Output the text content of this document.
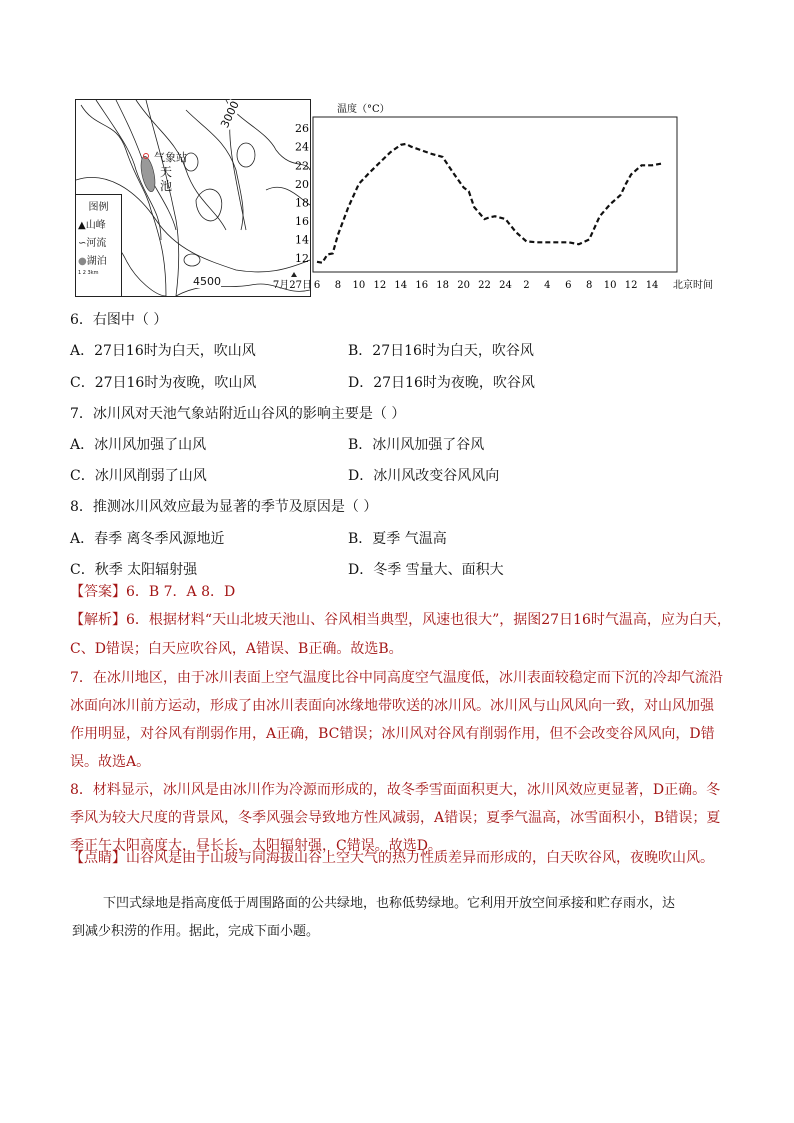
3000
4500
气象站
天
池
图例
▲山峰
∽河流
●湖泊
1 2 3km
温度（°C）
12
14
16
18
20
22
24
26
7月27日 6 8 10 12 14 16 18 20 22 24 2 4 6 8 10 12 14 北京时间
6．右图中（ ）
A．27日16时为白天，吹山风	B．27日16时为白天，吹谷风
C．27日16时为夜晚，吹山风	D．27日16时为夜晚，吹谷风
7．冰川风对天池气象站附近山谷风的影响主要是（ ）
A．冰川风加强了山风	B．冰川风加强了谷风
C．冰川风削弱了山风	D．冰川风改变谷风风向
8．推测冰川风效应最为显著的季节及原因是（ ）
A．春季 离冬季风源地近	B．夏季 气温高
C．秋季 太阳辐射强	D．冬季 雪量大、面积大
【答案】6．B 7．A 8．D
【解析】6．根据材料“天山北坡天池山、谷风相当典型，风速也很大”，据图27日16时气温高，应为白天，
C、D错误；白天应吹谷风，A错误、B正确。故选B。
7．在冰川地区，由于冰川表面上空气温度比谷中同高度空气温度低，冰川表面较稳定而下沉的冷却气流沿
冰面向冰川前方运动，形成了由冰川表面向冰缘地带吹送的冰川风。冰川风与山风风向一致，对山风加强
作用明显，对谷风有削弱作用，A正确，BC错误；冰川风对谷风有削弱作用，但不会改变谷风风向，D错
误。故选A。
8．材料显示，冰川风是由冰川作为冷源而形成的，故冬季雪面面积更大，冰川风效应更显著，D正确。冬
季风为较大尺度的背景风，冬季风强会导致地方性风减弱，A错误；夏季气温高，冰雪面积小，B错误；夏
季正午太阳高度大，昼长长，太阳辐射强，C错误。故选D。
【点睛】山谷风是由于山坡与同海拔山谷上空大气的热力性质差异而形成的，白天吹谷风，夜晚吹山风。
下凹式绿地是指高度低于周围路面的公共绿地，也称低势绿地。它利用开放空间承接和贮存雨水，达
到减少积涝的作用。据此，完成下面小题。
